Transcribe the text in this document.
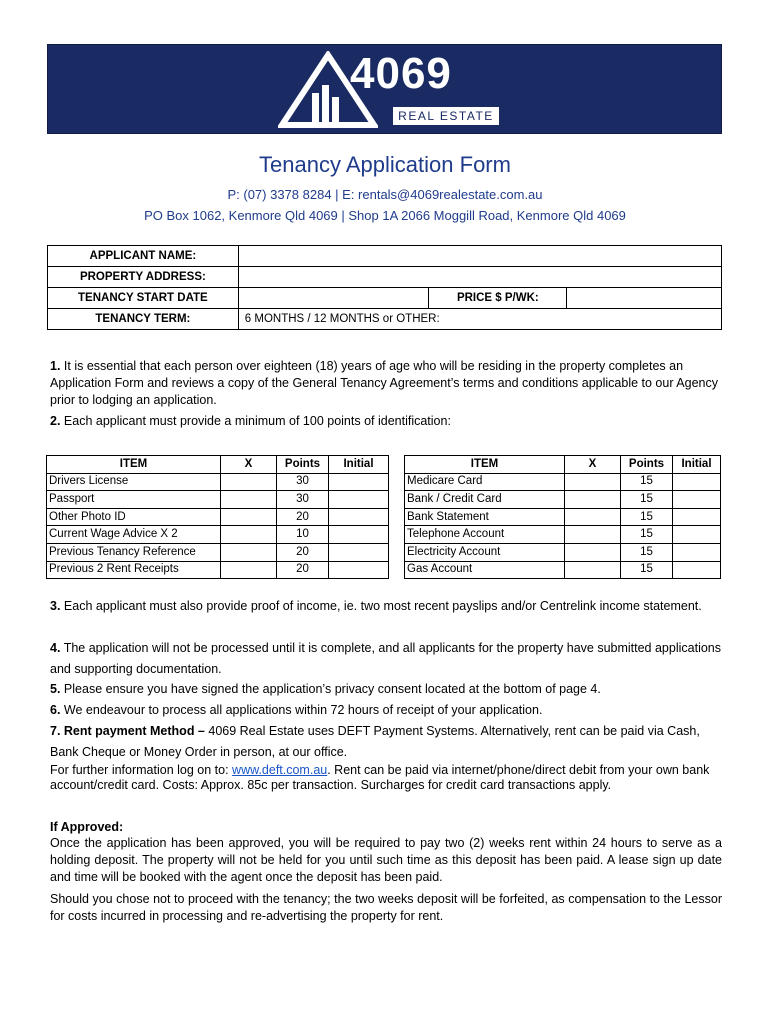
4069
REAL ESTATE
Tenancy Application Form
P: (07) 3378 8284 | E: rentals@4069realestate.com.au
PO Box 1062, Kenmore Qld 4069 | Shop 1A 2066 Moggill Road, Kenmore Qld 4069
APPLICANT NAME:			
PROPERTY ADDRESS:			
TENANCY START DATE		PRICE $ P/WK:	
TENANCY TERM:	6 MONTHS / 12 MONTHS or OTHER:		
1. It is essential that each person over eighteen (18) years of age who will be residing in the property completes an Application Form and reviews a copy of the General Tenancy Agreement’s terms and conditions applicable to our Agency prior to lodging an application.
2. Each applicant must provide a minimum of 100 points of identification:
ITEM	X	Points	Initial
Drivers License		30	
Passport		30	
Other Photo ID		20	
Current Wage Advice X 2		10	
Previous Tenancy Reference		20	
Previous 2 Rent Receipts		20	
ITEM	X	Points	Initial
Medicare Card		15	
Bank / Credit Card		15	
Bank Statement		15	
Telephone Account		15	
Electricity Account		15	
Gas Account		15	
3. Each applicant must also provide proof of income, ie. two most recent payslips and/or Centrelink income statement.
4. The application will not be processed until it is complete, and all applicants for the property have submitted applications and supporting documentation.
5. Please ensure you have signed the application’s privacy consent located at the bottom of page 4.
6. We endeavour to process all applications within 72 hours of receipt of your application.
7. Rent payment Method – 4069 Real Estate uses DEFT Payment Systems. Alternatively, rent can be paid via Cash, Bank Cheque or Money Order in person, at our office.
For further information log on to: www.deft.com.au. Rent can be paid via internet/phone/direct debit from your own bank account/credit card. Costs: Approx. 85c per transaction. Surcharges for credit card transactions apply.
If Approved:
Once the application has been approved, you will be required to pay two (2) weeks rent within 24 hours to serve as a holding deposit. The property will not be held for you until such time as this deposit has been paid. A lease sign up date and time will be booked with the agent once the deposit has been paid.
Should you chose not to proceed with the tenancy; the two weeks deposit will be forfeited, as compensation to the Lessor for costs incurred in processing and re-advertising the property for rent.
